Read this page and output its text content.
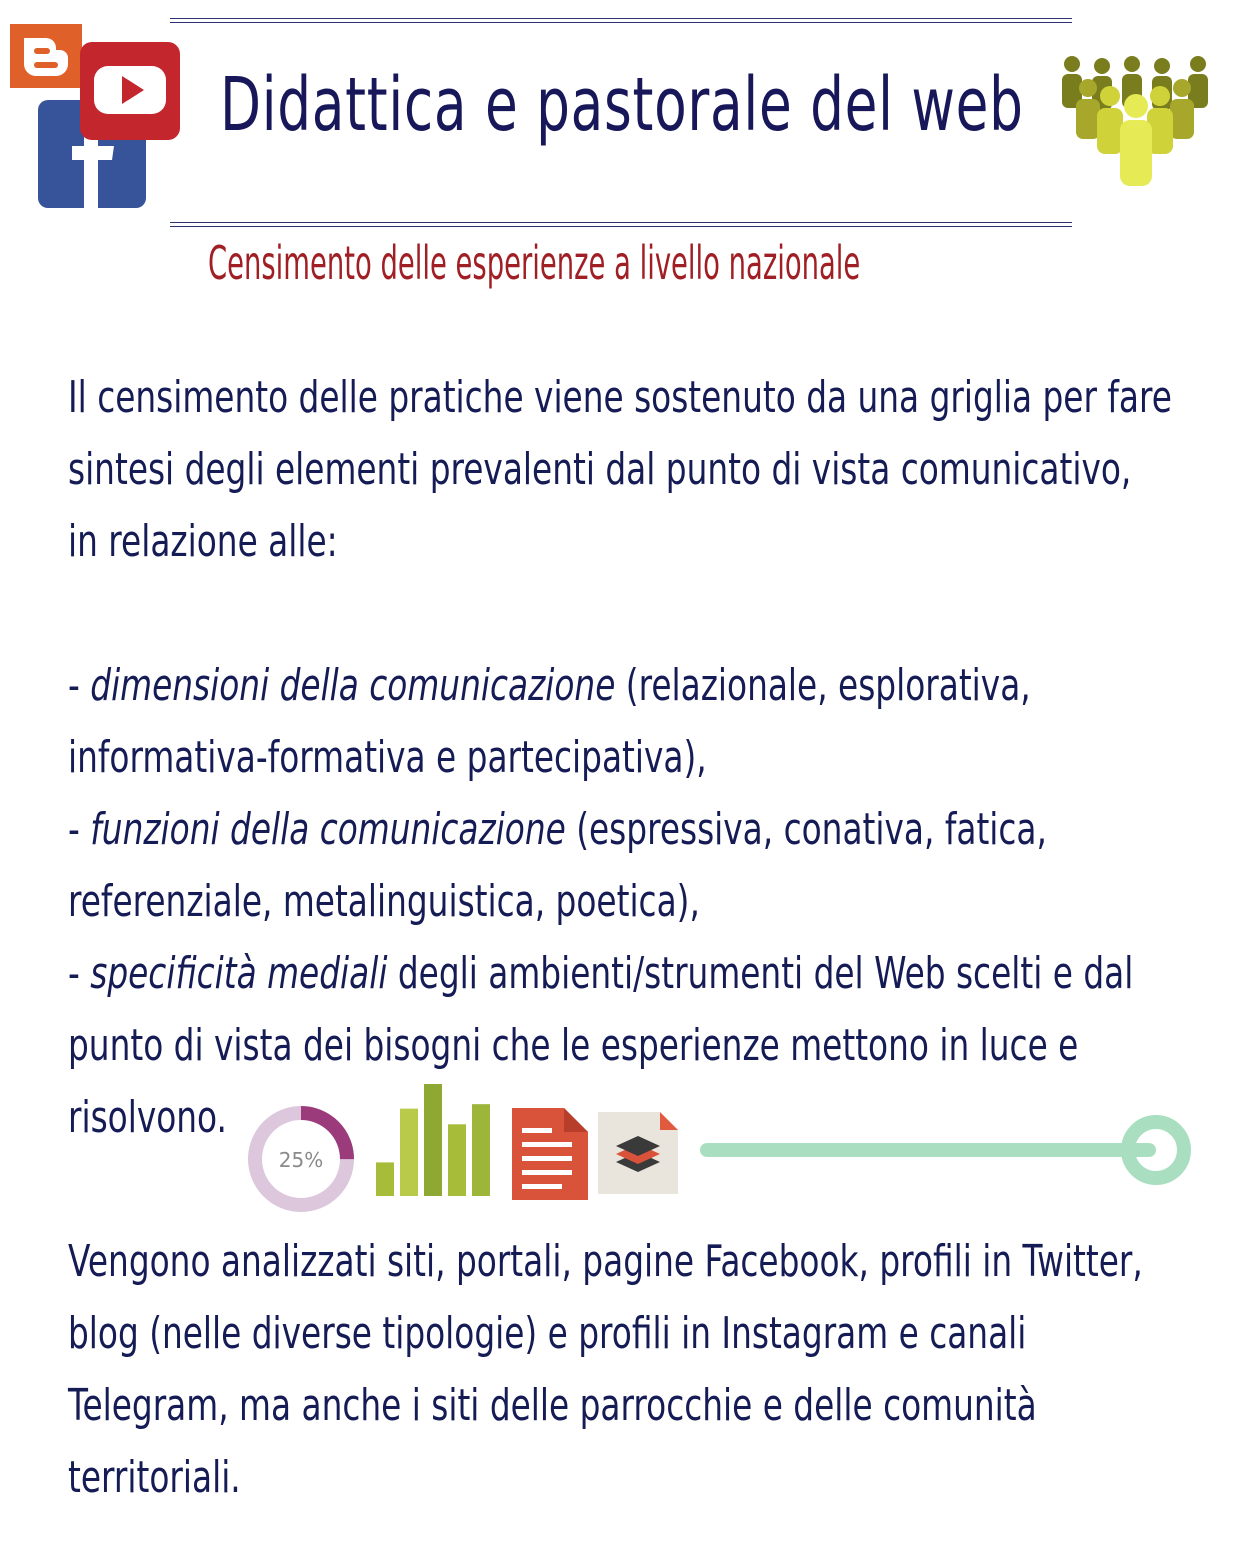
Didattica e pastorale del web
Censimento delle esperienze a livello nazionale
Il censimento delle pratiche viene sostenuto da una griglia per fare
sintesi degli elementi prevalenti dal punto di vista comunicativo,
in relazione alle:
- dimensioni della comunicazione (relazionale, esplorativa,
informativa-formativa e partecipativa),
- funzioni della comunicazione (espressiva, conativa, fatica,
referenziale, metalinguistica, poetica),
- specificità mediali degli ambienti/strumenti del Web scelti e dal
punto di vista dei bisogni che le esperienze mettono in luce e
risolvono.
25%
Vengono analizzati siti, portali, pagine Facebook, profili in Twitter,
blog (nelle diverse tipologie) e profili in Instagram e canali
Telegram, ma anche i siti delle parrocchie e delle comunità
territoriali.
